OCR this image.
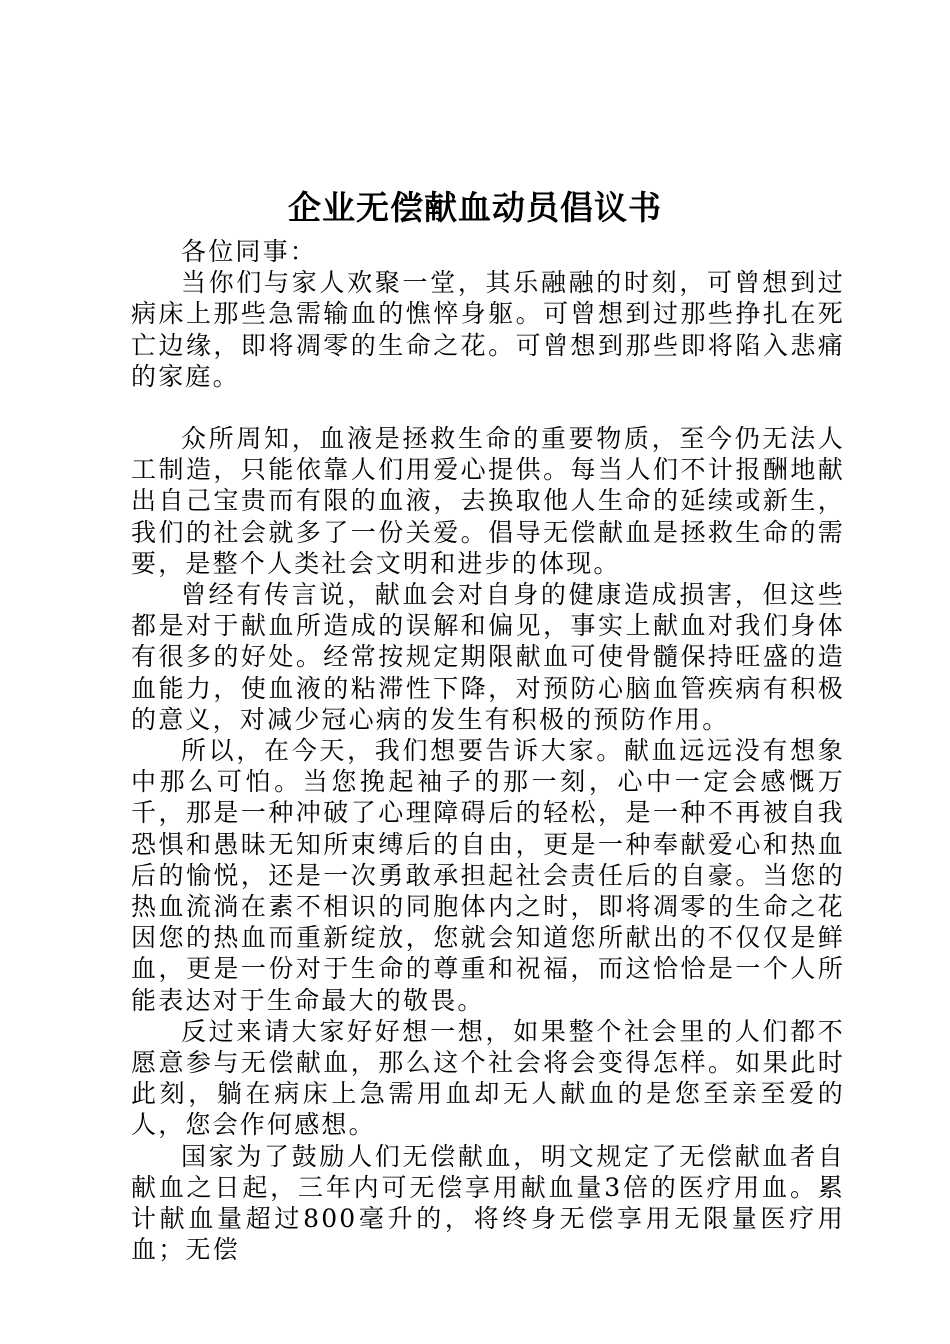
企业无偿献血动员倡议书

各位同事：

当你们与家人欢聚一堂，其乐融融的时刻，可曾想到过病床上那些急需输血的憔悴身躯。可曾想到过那些挣扎在死亡边缘，即将凋零的生命之花。可曾想到那些即将陷入悲痛的家庭。

众所周知，血液是拯救生命的重要物质，至今仍无法人工制造，只能依靠人们用爱心提供。每当人们不计报酬地献出自己宝贵而有限的血液，去换取他人生命的延续或新生，我们的社会就多了一份关爱。倡导无偿献血是拯救生命的需要，是整个人类社会文明和进步的体现。

曾经有传言说，献血会对自身的健康造成损害，但这些都是对于献血所造成的误解和偏见，事实上献血对我们身体有很多的好处。经常按规定期限献血可使骨髓保持旺盛的造血能力，使血液的粘滞性下降，对预防心脑血管疾病有积极的意义，对减少冠心病的发生有积极的预防作用。

所以，在今天，我们想要告诉大家。献血远远没有想象中那么可怕。当您挽起袖子的那一刻，心中一定会感慨万千，那是一种冲破了心理障碍后的轻松，是一种不再被自我恐惧和愚昧无知所束缚后的自由，更是一种奉献爱心和热血后的愉悦，还是一次勇敢承担起社会责任后的自豪。当您的热血流淌在素不相识的同胞体内之时，即将凋零的生命之花因您的热血而重新绽放，您就会知道您所献出的不仅仅是鲜血，更是一份对于生命的尊重和祝福，而这恰恰是一个人所能表达对于生命最大的敬畏。

反过来请大家好好想一想，如果整个社会里的人们都不愿意参与无偿献血，那么这个社会将会变得怎样。如果此时此刻，躺在病床上急需用血却无人献血的是您至亲至爱的人，您会作何感想。

国家为了鼓励人们无偿献血，明文规定了无偿献血者自献血之日起，三年内可无偿享用献血量3倍的医疗用血。累计献血量超过800毫升的，将终身无偿享用无限量医疗用血；无偿
